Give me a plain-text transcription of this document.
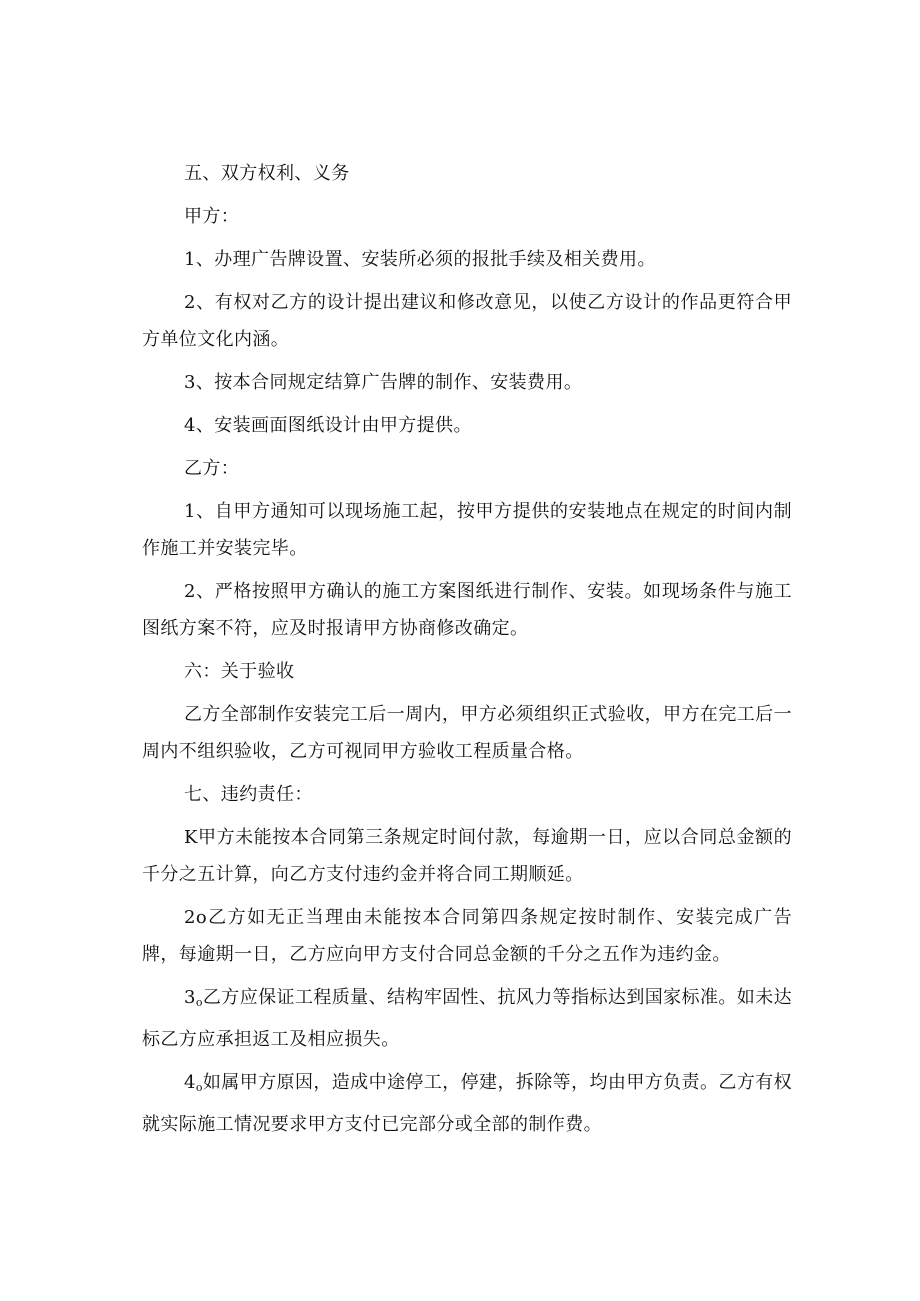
五、双方权利、义务

甲方：

1、办理广告牌设置、安装所必须的报批手续及相关费用。

2、有权对乙方的设计提出建议和修改意见，以使乙方设计的作品更符合甲方单位文化内涵。

3、按本合同规定结算广告牌的制作、安装费用。

4、安装画面图纸设计由甲方提供。

乙方：

1、自甲方通知可以现场施工起，按甲方提供的安装地点在规定的时间内制作施工并安装完毕。

2、严格按照甲方确认的施工方案图纸进行制作、安装。如现场条件与施工图纸方案不符，应及时报请甲方协商修改确定。

六：关于验收

乙方全部制作安装完工后一周内，甲方必须组织正式验收，甲方在完工后一周内不组织验收，乙方可视同甲方验收工程质量合格。

七、违约责任：

K甲方未能按本合同第三条规定时间付款，每逾期一日，应以合同总金额的千分之五计算，向乙方支付违约金并将合同工期顺延。

2o乙方如无正当理由未能按本合同第四条规定按时制作、安装完成广告牌，每逾期一日，乙方应向甲方支付合同总金额的千分之五作为违约金。

$3_o$乙方应保证工程质量、结构牢固性、抗风力等指标达到国家标准。如未达标乙方应承担返工及相应损失。

$4_o$如属甲方原因，造成中途停工，停建，拆除等，均由甲方负责。乙方有权就实际施工情况要求甲方支付已完部分或全部的制作费。
